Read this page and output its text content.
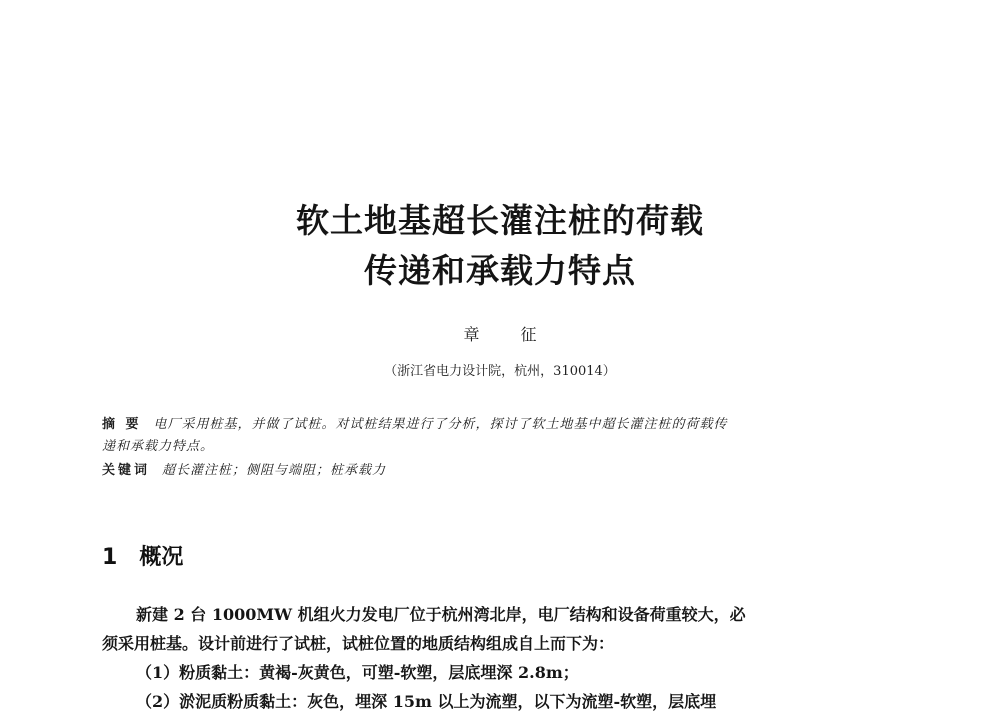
软土地基超长灌注桩的荷载
传递和承载力特点
章 征
（浙江省电力设计院，杭州，310014）
摘 要 电厂采用桩基，并做了试桩。对试桩结果进行了分析，探讨了软土地基中超长灌注桩的荷载传
递和承载力特点。
关键词 超长灌注桩；侧阻与端阻；桩承载力
1 概况
新建 2 台 1000MW 机组火力发电厂位于杭州湾北岸，电厂结构和设备荷重较大，必
须采用桩基。设计前进行了试桩，试桩位置的地质结构组成自上而下为：
（1）粉质黏土：黄褐-灰黄色，可塑-软塑，层底埋深 2.8m；
（2）淤泥质粉质黏土：灰色，埋深 15m 以上为流塑，以下为流塑-软塑，层底埋
